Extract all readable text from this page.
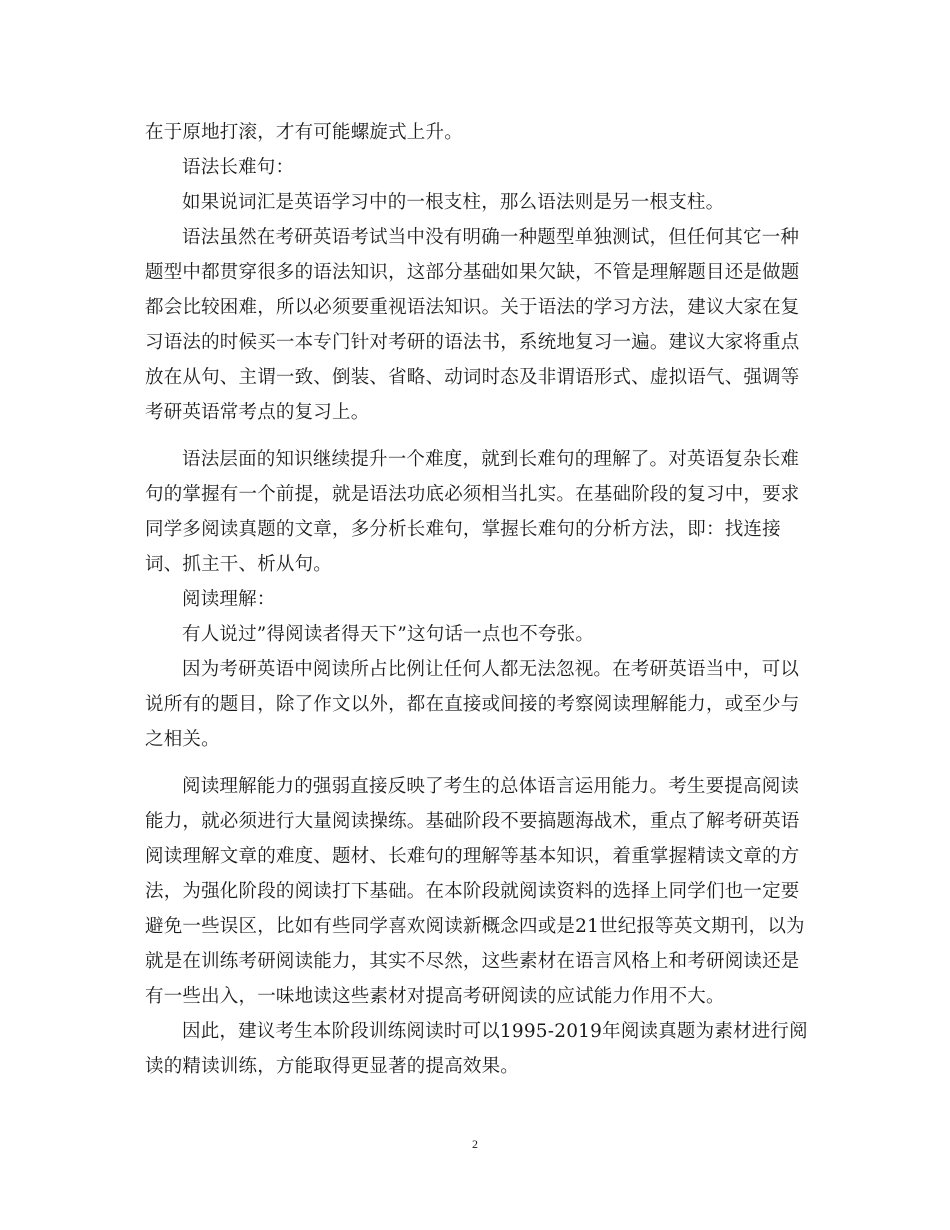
在于原地打滚，才有可能螺旋式上升。
语法长难句：
如果说词汇是英语学习中的一根支柱，那么语法则是另一根支柱。
语法虽然在考研英语考试当中没有明确一种题型单独测试，但任何其它一种
题型中都贯穿很多的语法知识，这部分基础如果欠缺，不管是理解题目还是做题
都会比较困难，所以必须要重视语法知识。关于语法的学习方法，建议大家在复
习语法的时候买一本专门针对考研的语法书，系统地复习一遍。建议大家将重点
放在从句、主谓一致、倒装、省略、动词时态及非谓语形式、虚拟语气、强调等
考研英语常考点的复习上。
语法层面的知识继续提升一个难度，就到长难句的理解了。对英语复杂长难
句的掌握有一个前提，就是语法功底必须相当扎实。在基础阶段的复习中，要求
同学多阅读真题的文章，多分析长难句，掌握长难句的分析方法，即：找连接
词、抓主干、析从句。
阅读理解：
有人说过”得阅读者得天下”这句话一点也不夸张。
因为考研英语中阅读所占比例让任何人都无法忽视。在考研英语当中，可以
说所有的题目，除了作文以外，都在直接或间接的考察阅读理解能力，或至少与
之相关。
阅读理解能力的强弱直接反映了考生的总体语言运用能力。考生要提高阅读
能力，就必须进行大量阅读操练。基础阶段不要搞题海战术，重点了解考研英语
阅读理解文章的难度、题材、长难句的理解等基本知识，着重掌握精读文章的方
法，为强化阶段的阅读打下基础。在本阶段就阅读资料的选择上同学们也一定要
避免一些误区，比如有些同学喜欢阅读新概念四或是21世纪报等英文期刊，以为
就是在训练考研阅读能力，其实不尽然，这些素材在语言风格上和考研阅读还是
有一些出入，一味地读这些素材对提高考研阅读的应试能力作用不大。
因此，建议考生本阶段训练阅读时可以1995-2019年阅读真题为素材进行阅
读的精读训练，方能取得更显著的提高效果。
2
